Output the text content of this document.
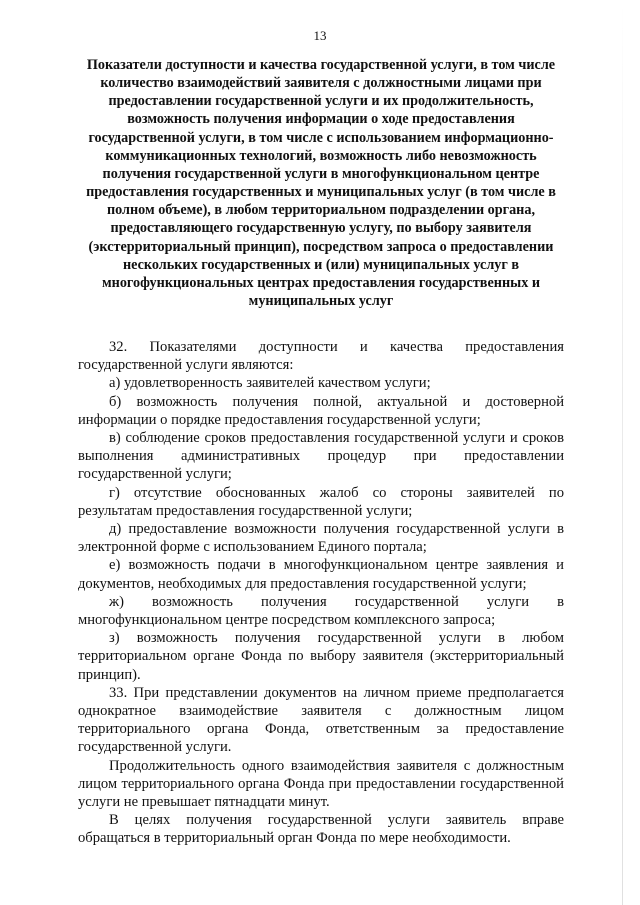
13
Показатели доступности и качества государственной услуги, в том числе количество взаимодействий заявителя с должностными лицами при предоставлении государственной услуги и их продолжительность, возможность получения информации о ходе предоставления государственной услуги, в том числе с использованием информационно-коммуникационных технологий, возможность либо невозможность получения государственной услуги в многофункциональном центре предоставления государственных и муниципальных услуг (в том числе в полном объеме), в любом территориальном подразделении органа, предоставляющего государственную услугу, по выбору заявителя (экстерриториальный принцип), посредством запроса о предоставлении нескольких государственных и (или) муниципальных услуг в многофункциональных центрах предоставления государственных и муниципальных услуг

32. Показателями доступности и качества предоставления государственной услуги являются:

а) удовлетворенность заявителей качеством услуги;

б) возможность получения полной, актуальной и достоверной информации о порядке предоставления государственной услуги;

в) соблюдение сроков предоставления государственной услуги и сроков выполнения административных процедур при предоставлении государственной услуги;

г) отсутствие обоснованных жалоб со стороны заявителей по результатам предоставления государственной услуги;

д) предоставление возможности получения государственной услуги в электронной форме с использованием Единого портала;

е) возможность подачи в многофункциональном центре заявления и документов, необходимых для предоставления государственной услуги;

ж) возможность получения государственной услуги в многофункциональном центре посредством комплексного запроса;

з) возможность получения государственной услуги в любом территориальном органе Фонда по выбору заявителя (экстерриториальный принцип).

33. При представлении документов на личном приеме предполагается однократное взаимодействие заявителя с должностным лицом территориального органа Фонда, ответственным за предоставление государственной услуги.

Продолжительность одного взаимодействия заявителя с должностным лицом территориального органа Фонда при предоставлении государственной услуги не превышает пятнадцати минут.

В целях получения государственной услуги заявитель вправе обращаться в территориальный орган Фонда по мере необходимости.
